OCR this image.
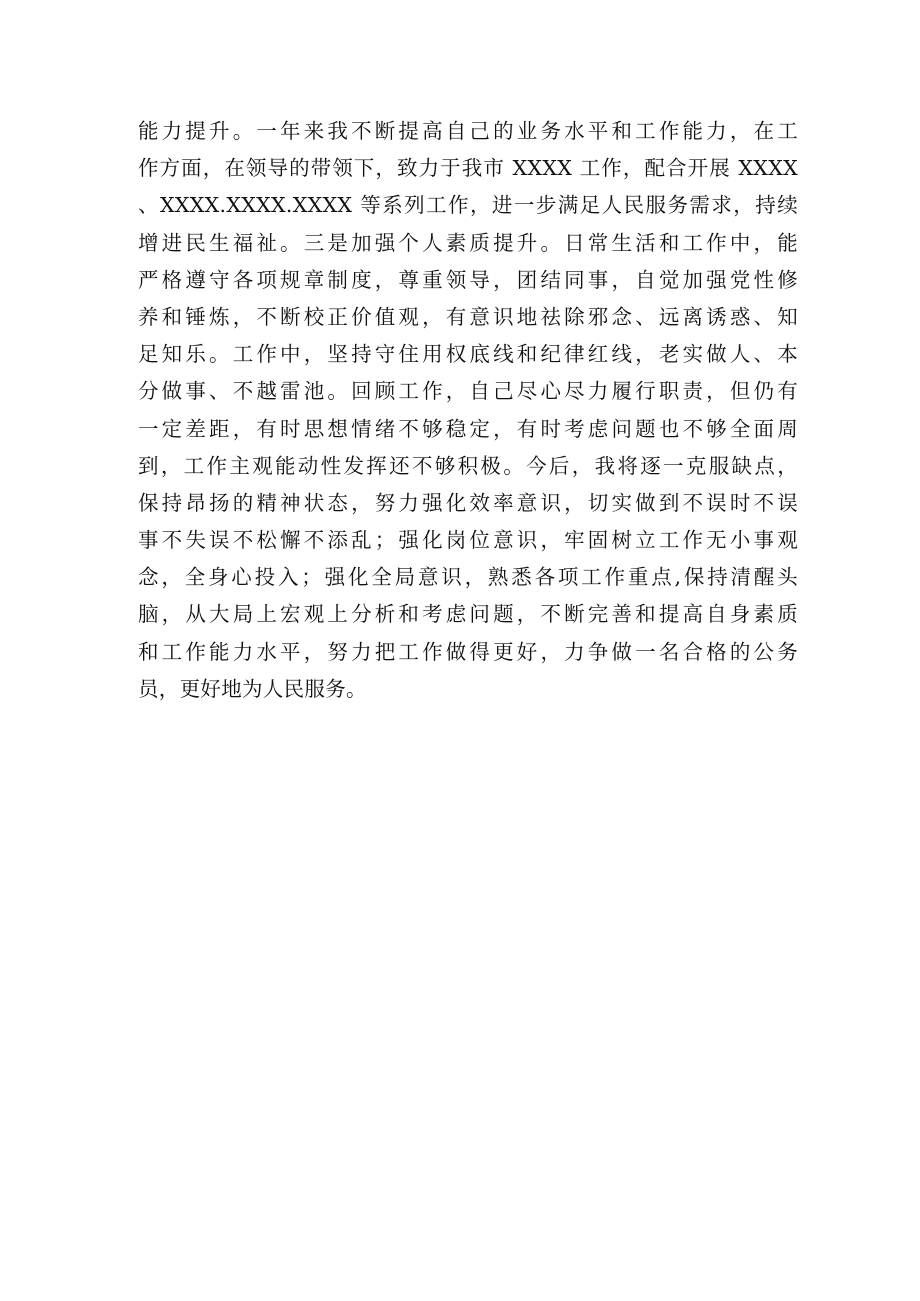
能力提升。一年来我不断提高自己的业务水平和工作能力，在工
作方面，在领导的带领下，致力于我市 XXXX 工作，配合开展 XXXX
、XXXX.XXXX.XXXX 等系列工作，进一步满足人民服务需求，持续
增进民生福祉。三是加强个人素质提升。日常生活和工作中，能
严格遵守各项规章制度，尊重领导，团结同事，自觉加强党性修
养和锤炼，不断校正价值观，有意识地祛除邪念、远离诱惑、知
足知乐。工作中，坚持守住用权底线和纪律红线，老实做人、本
分做事、不越雷池。回顾工作，自己尽心尽力履行职责，但仍有
一定差距，有时思想情绪不够稳定，有时考虑问题也不够全面周
到，工作主观能动性发挥还不够积极。今后，我将逐一克服缺点，
保持昂扬的精神状态，努力强化效率意识，切实做到不误时不误
事不失误不松懈不添乱；强化岗位意识，牢固树立工作无小事观
念，全身心投入；强化全局意识，熟悉各项工作重点,保持清醒头
脑，从大局上宏观上分析和考虑问题，不断完善和提高自身素质
和工作能力水平，努力把工作做得更好，力争做一名合格的公务
员，更好地为人民服务。
